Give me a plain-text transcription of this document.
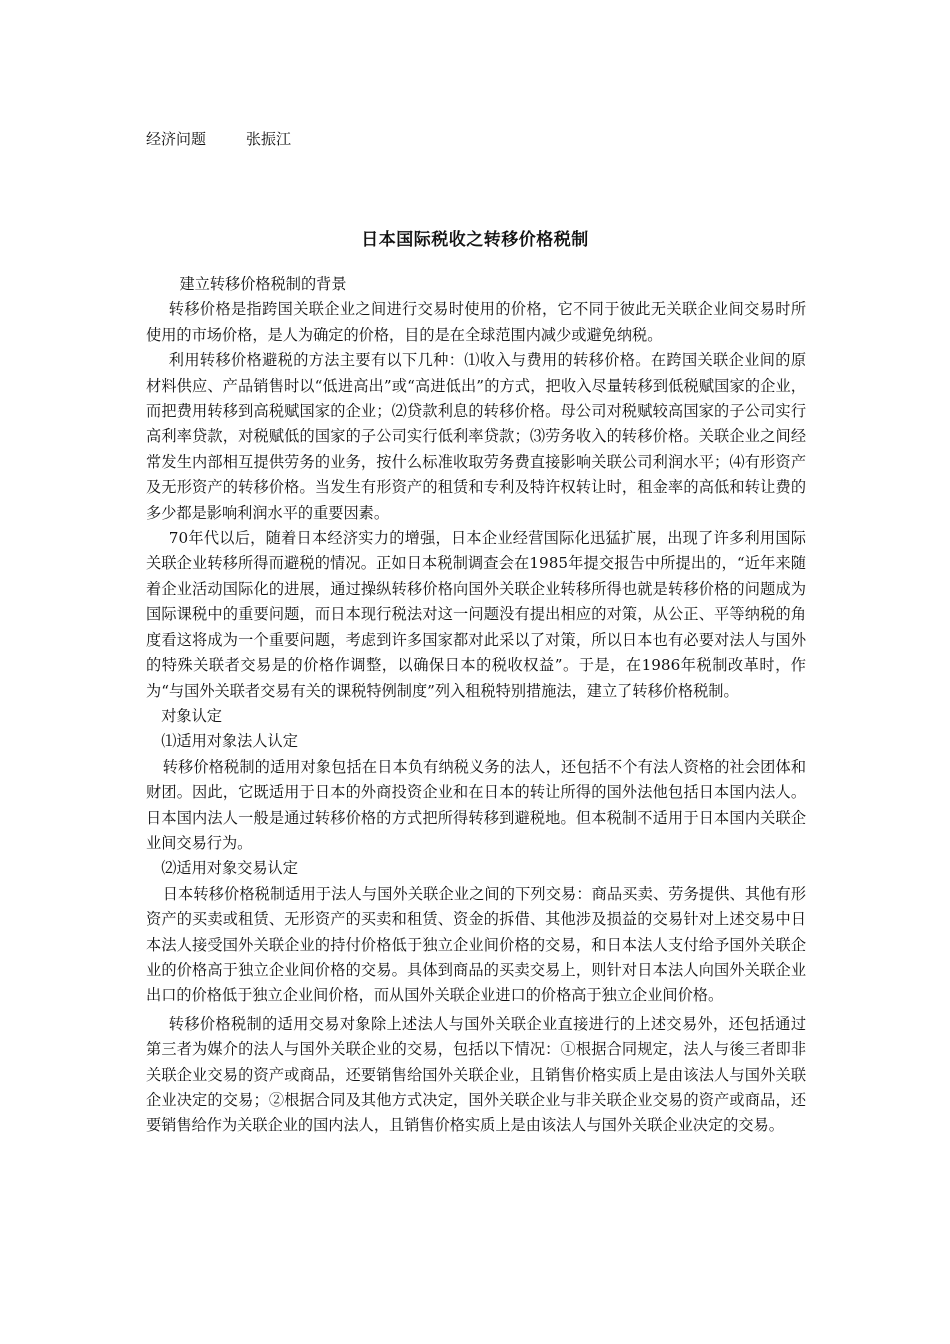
经济问题	张振江
日本国际税收之转移价格税制

建立转移价格税制的背景

转移价格是指跨国关联企业之间进行交易时使用的价格，它不同于彼此无关联企业间交易时所使用的市场价格，是人为确定的价格，目的是在全球范围内减少或避免纳税。

利用转移价格避税的方法主要有以下几种：⑴收入与费用的转移价格。在跨国关联企业间的原材料供应、产品销售时以“低进高出”或“高进低出”的方式，把收入尽量转移到低税赋国家的企业，而把费用转移到高税赋国家的企业；⑵贷款利息的转移价格。母公司对税赋较高国家的子公司实行高利率贷款，对税赋低的国家的子公司实行低利率贷款；⑶劳务收入的转移价格。关联企业之间经常发生内部相互提供劳务的业务，按什么标准收取劳务费直接影响关联公司利润水平；⑷有形资产及无形资产的转移价格。当发生有形资产的租赁和专利及特许权转让时，租金率的高低和转让费的多少都是影响利润水平的重要因素。

70年代以后，随着日本经济实力的增强，日本企业经营国际化迅猛扩展，出现了许多利用国际关联企业转移所得而避税的情况。正如日本税制调查会在1985年提交报告中所提出的，“近年来随着企业活动国际化的进展，通过操纵转移价格向国外关联企业转移所得也就是转移价格的问题成为国际课税中的重要问题，而日本现行税法对这一问题没有提出相应的对策，从公正、平等纳税的角度看这将成为一个重要问题，考虑到许多国家都对此采以了对策，所以日本也有必要对法人与国外的特殊关联者交易是的价格作调整，以确保日本的税收权益”。于是，在1986年税制改革时，作为“与国外关联者交易有关的课税特例制度”列入租税特别措施法，建立了转移价格税制。

对象认定

⑴适用对象法人认定

转移价格税制的适用对象包括在日本负有纳税义务的法人，还包括不个有法人资格的社会团体和财团。因此，它既适用于日本的外商投资企业和在日本的转让所得的国外法他包括日本国内法人。日本国内法人一般是通过转移价格的方式把所得转移到避税地。但本税制不适用于日本国内关联企业间交易行为。

⑵适用对象交易认定

日本转移价格税制适用于法人与国外关联企业之间的下列交易：商品买卖、劳务提供、其他有形资产的买卖或租赁、无形资产的买卖和租赁、资金的拆借、其他涉及损益的交易针对上述交易中日本法人接受国外关联企业的持付价格低于独立企业间价格的交易，和日本法人支付给予国外关联企业的价格高于独立企业间价格的交易。具体到商品的买卖交易上，则针对日本法人向国外关联企业出口的价格低于独立企业间价格，而从国外关联企业进口的价格高于独立企业间价格。

转移价格税制的适用交易对象除上述法人与国外关联企业直接进行的上述交易外，还包括通过第三者为媒介的法人与国外关联企业的交易，包括以下情况：①根据合同规定，法人与後三者即非关联企业交易的资产或商品，还要销售给国外关联企业，且销售价格实质上是由该法人与国外关联企业决定的交易；②根据合同及其他方式决定，国外关联企业与非关联企业交易的资产或商品，还要销售给作为关联企业的国内法人，且销售价格实质上是由该法人与国外关联企业决定的交易。
